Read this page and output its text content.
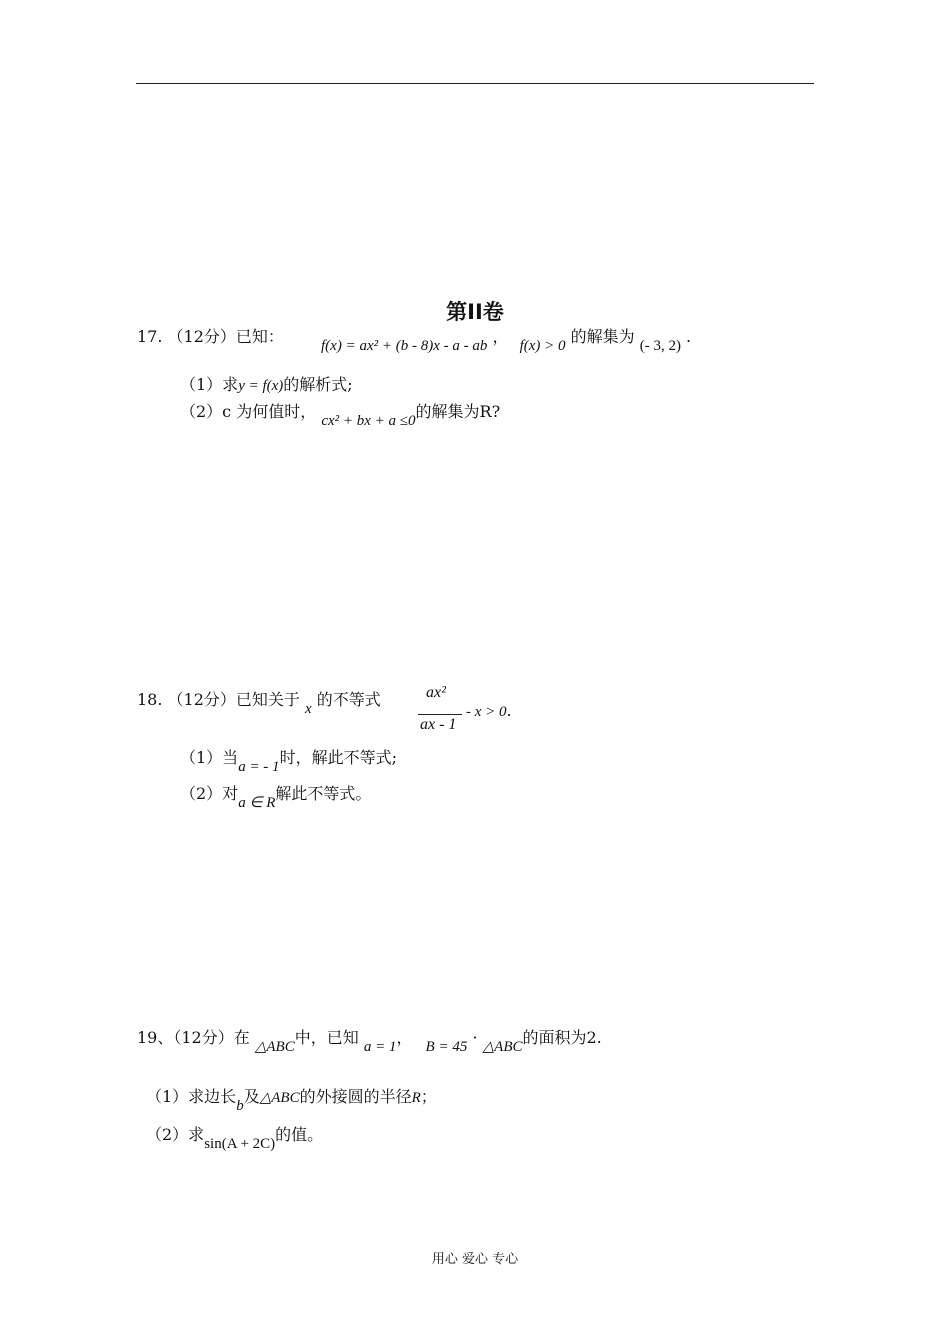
第II卷
17. （12分）已知： f(x) = ax² + (b - 8)x - a - ab ， f(x) > 0 的解集为 (- 3, 2) .
（1）求y = f(x)的解析式;
（2）c 为何值时， cx² + bx + a ≤0的解集为R?
18. （12分）已知关于 x 的不等式	ax²
ax - 1
- x > 0.
（1）当a = - 1时，解此不等式;
（2）对a ∈ R解此不等式。
19、（12分）在 △ABC中，已知 a = 1， B = 45 · △ABC的面积为2.
（1）求边长b及△ABC的外接圆的半径R；
（2）求sin(A + 2C)的值。
用心 爱心 专心
